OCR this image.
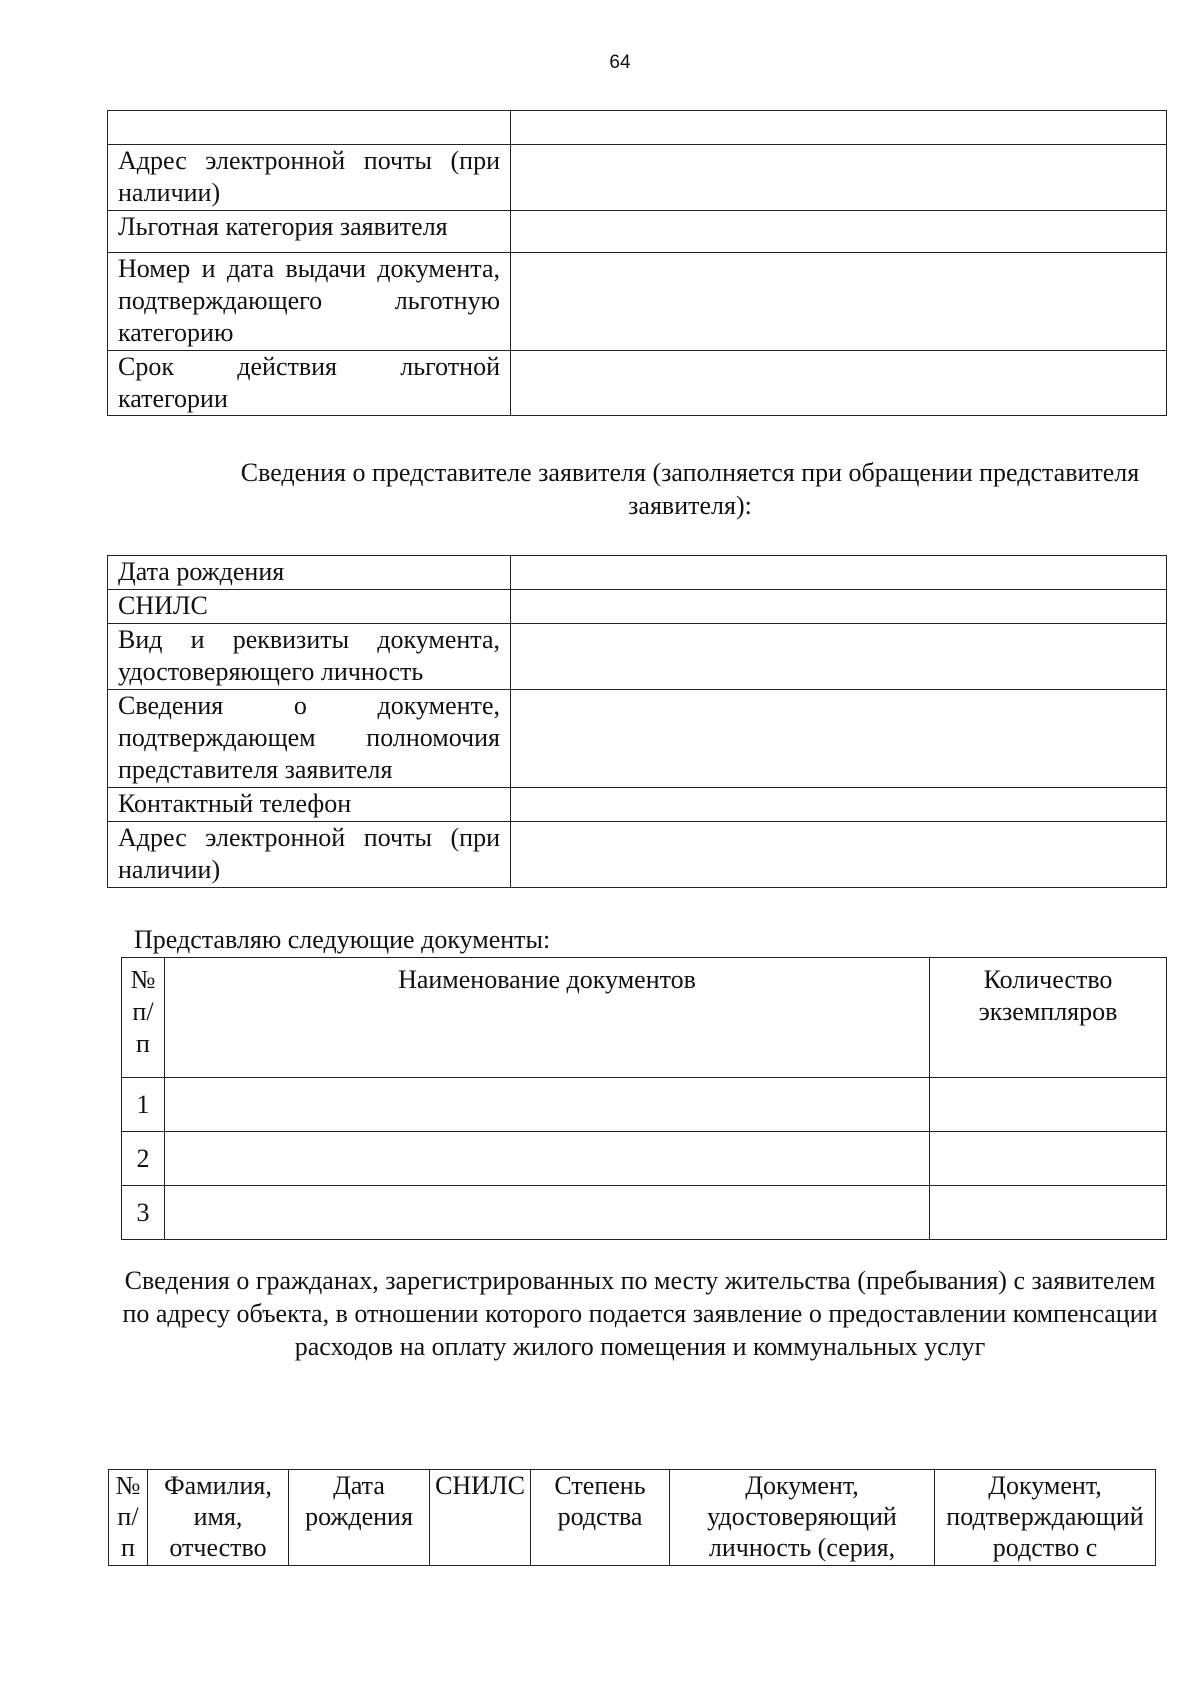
64

Адрес электронной почты (при наличии)	
Льготная категория заявителя	
Номер и дата выдачи документа, подтверждающего льготную категорию	
Срок действия льготной категории	
Сведения о представителе заявителя (заполняется при обращении представителя заявителя):
Дата рождения	
СНИЛС	
Вид и реквизиты документа, удостоверяющего личность	
Сведения о документе, подтверждающем полномочия представителя заявителя	
Контактный телефон	
Адрес электронной почты (при наличии)	
Представляю следующие документы:
№ п/п	Наименование документов	Количество экземпляров
1		
2		
3		
Сведения о гражданах, зарегистрированных по месту жительства (пребывания) с заявителем по адресу объекта, в отношении которого подается заявление о предоставлении компенсации расходов на оплату жилого помещения и коммунальных услуг
№ п/п	Фамилия, имя, отчество	Дата рождения	СНИЛС	Степень родства	Документ, удостоверяющий личность (серия,	Документ, подтверждающий родство с
